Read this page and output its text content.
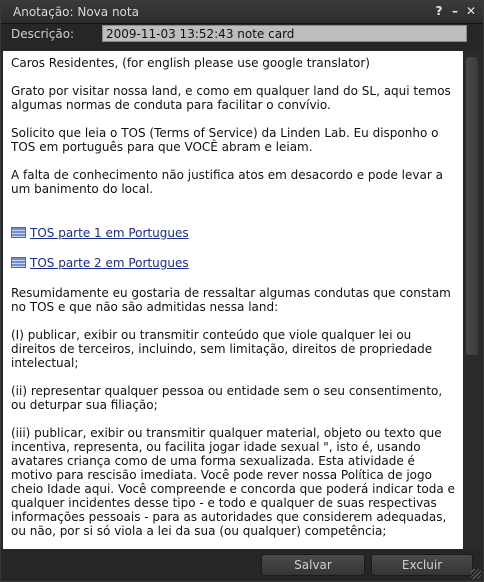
Anotação: Nova nota	? – ✕
Descrição:	2009-11-03 13:52:43 note card

Caros Residentes, (for english please use google translator)

Grato por visitar nossa land, e como em qualquer land do SL, aqui temos algumas normas de conduta para facilitar o convívio.

Solicito que leia o TOS (Terms of Service) da Linden Lab. Eu disponho o TOS em português para que VOCÊ abram e leiam.

A falta de conhecimento não justifica atos em desacordo e pode levar a um banimento do local.

TOS parte 1 em Portugues
TOS parte 2 em Portugues

Resumidamente eu gostaria de ressaltar algumas condutas que constam no TOS e que não são admitidas nessa land:

(I) publicar, exibir ou transmitir conteúdo que viole qualquer lei ou direitos de terceiros, incluindo, sem limitação, direitos de propriedade intelectual;

(ii) representar qualquer pessoa ou entidade sem o seu consentimento, ou deturpar sua filiação;

(iii) publicar, exibir ou transmitir qualquer material, objeto ou texto que incentiva, representa, ou facilita jogar idade sexual ", isto é, usando avatares criança como de uma forma sexualizada. Esta atividade é motivo para rescisão imediata. Você pode rever nossa Política de jogo cheio Idade aqui. Você compreende e concorda que poderá indicar toda e qualquer incidentes desse tipo - e todo e qualquer de suas respectivas informações pessoais - para as autoridades que considerem adequadas, ou não, por si só viola a lei da sua (ou qualquer) competência;

Salvar	Excluir
